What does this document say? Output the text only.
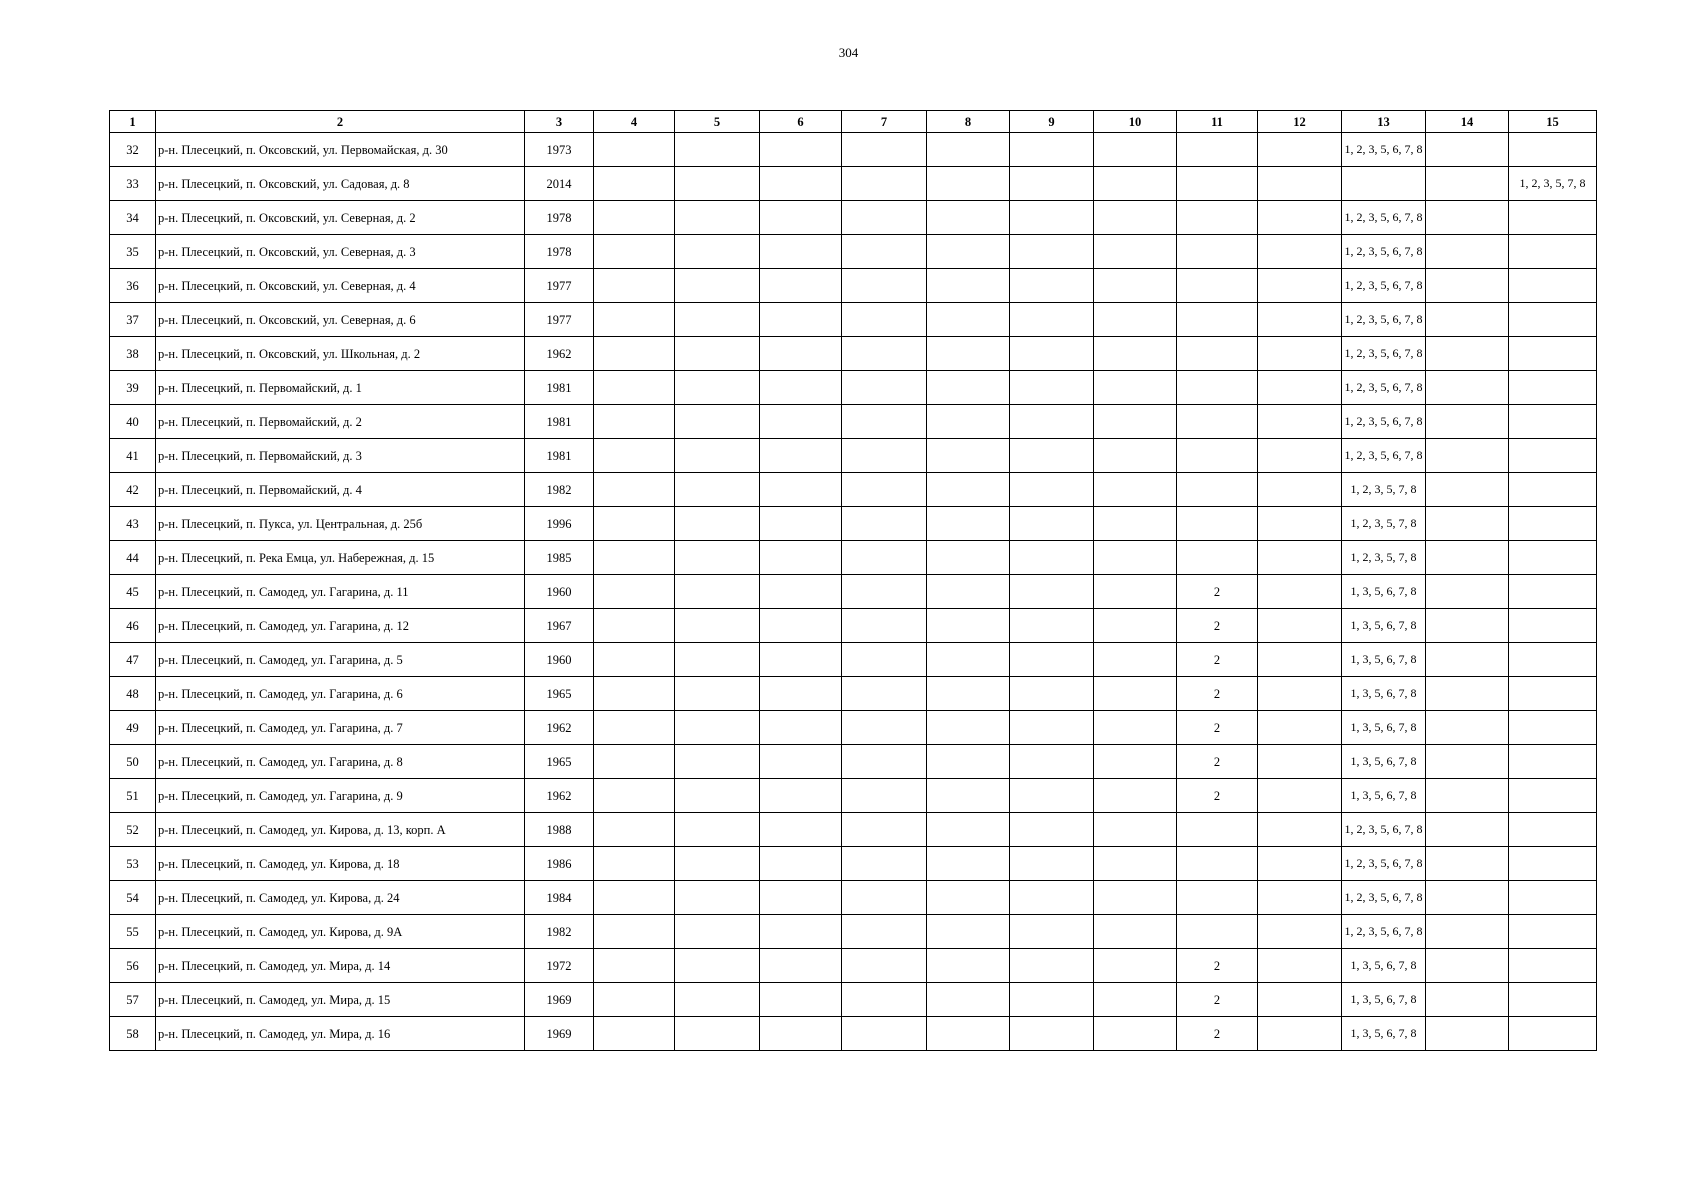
304
1	2	3	4	5	6	7	8	9	10	11	12	13	14	15
32	р-н. Плесецкий, п. Оксовский, ул. Первомайская, д. 30	1973										1, 2, 3, 5, 6, 7, 8		
33	р-н. Плесецкий, п. Оксовский, ул. Садовая, д. 8	2014												1, 2, 3, 5, 7, 8
34	р-н. Плесецкий, п. Оксовский, ул. Северная, д. 2	1978										1, 2, 3, 5, 6, 7, 8		
35	р-н. Плесецкий, п. Оксовский, ул. Северная, д. 3	1978										1, 2, 3, 5, 6, 7, 8		
36	р-н. Плесецкий, п. Оксовский, ул. Северная, д. 4	1977										1, 2, 3, 5, 6, 7, 8		
37	р-н. Плесецкий, п. Оксовский, ул. Северная, д. 6	1977										1, 2, 3, 5, 6, 7, 8		
38	р-н. Плесецкий, п. Оксовский, ул. Школьная, д. 2	1962										1, 2, 3, 5, 6, 7, 8		
39	р-н. Плесецкий, п. Первомайский, д. 1	1981										1, 2, 3, 5, 6, 7, 8		
40	р-н. Плесецкий, п. Первомайский, д. 2	1981										1, 2, 3, 5, 6, 7, 8		
41	р-н. Плесецкий, п. Первомайский, д. 3	1981										1, 2, 3, 5, 6, 7, 8		
42	р-н. Плесецкий, п. Первомайский, д. 4	1982										1, 2, 3, 5, 7, 8		
43	р-н. Плесецкий, п. Пукса, ул. Центральная, д. 25б	1996										1, 2, 3, 5, 7, 8		
44	р-н. Плесецкий, п. Река Емца, ул. Набережная, д. 15	1985										1, 2, 3, 5, 7, 8		
45	р-н. Плесецкий, п. Самодед, ул. Гагарина, д. 11	1960								2		1, 3, 5, 6, 7, 8		
46	р-н. Плесецкий, п. Самодед, ул. Гагарина, д. 12	1967								2		1, 3, 5, 6, 7, 8		
47	р-н. Плесецкий, п. Самодед, ул. Гагарина, д. 5	1960								2		1, 3, 5, 6, 7, 8		
48	р-н. Плесецкий, п. Самодед, ул. Гагарина, д. 6	1965								2		1, 3, 5, 6, 7, 8		
49	р-н. Плесецкий, п. Самодед, ул. Гагарина, д. 7	1962								2		1, 3, 5, 6, 7, 8		
50	р-н. Плесецкий, п. Самодед, ул. Гагарина, д. 8	1965								2		1, 3, 5, 6, 7, 8		
51	р-н. Плесецкий, п. Самодед, ул. Гагарина, д. 9	1962								2		1, 3, 5, 6, 7, 8		
52	р-н. Плесецкий, п. Самодед, ул. Кирова, д. 13, корп. А	1988										1, 2, 3, 5, 6, 7, 8		
53	р-н. Плесецкий, п. Самодед, ул. Кирова, д. 18	1986										1, 2, 3, 5, 6, 7, 8		
54	р-н. Плесецкий, п. Самодед, ул. Кирова, д. 24	1984										1, 2, 3, 5, 6, 7, 8		
55	р-н. Плесецкий, п. Самодед, ул. Кирова, д. 9А	1982										1, 2, 3, 5, 6, 7, 8		
56	р-н. Плесецкий, п. Самодед, ул. Мира, д. 14	1972								2		1, 3, 5, 6, 7, 8		
57	р-н. Плесецкий, п. Самодед, ул. Мира, д. 15	1969								2		1, 3, 5, 6, 7, 8		
58	р-н. Плесецкий, п. Самодед, ул. Мира, д. 16	1969								2		1, 3, 5, 6, 7, 8		
